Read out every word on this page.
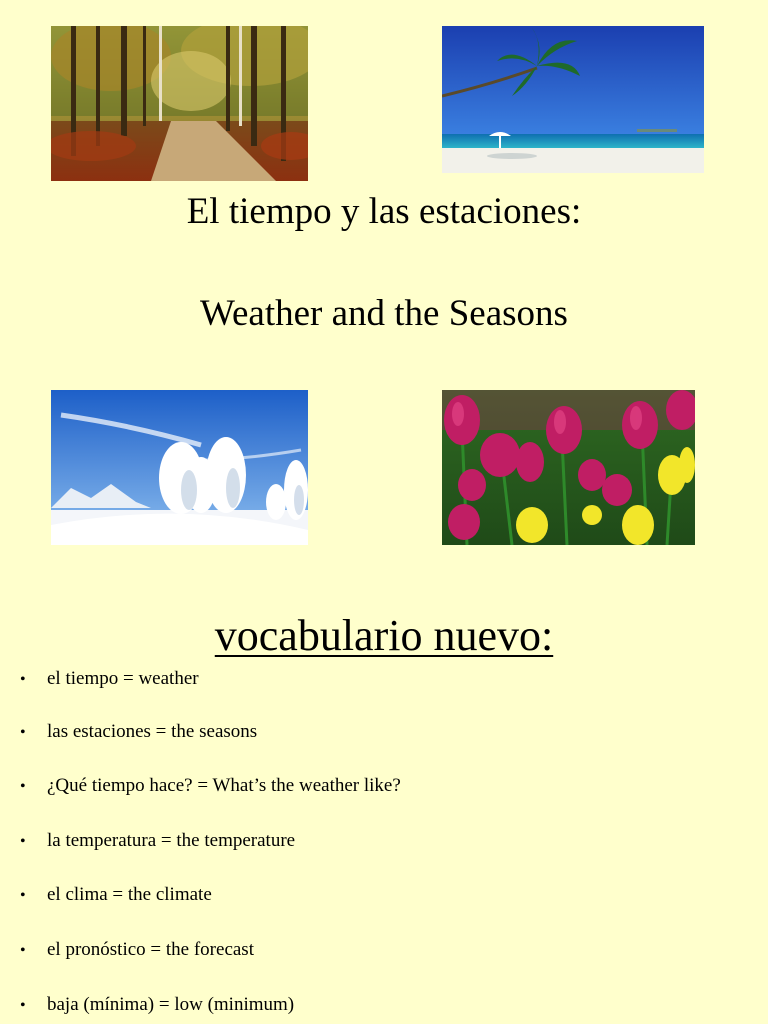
El tiempo y las estaciones:
Weather and the Seasons
vocabulario nuevo:
• el tiempo = weather
• las estaciones = the seasons
• ¿Qué tiempo hace? = What’s the weather like?
• la temperatura = the temperature
• el clima = the climate
• el pronóstico = the forecast
• baja (mínima) = low (minimum)
